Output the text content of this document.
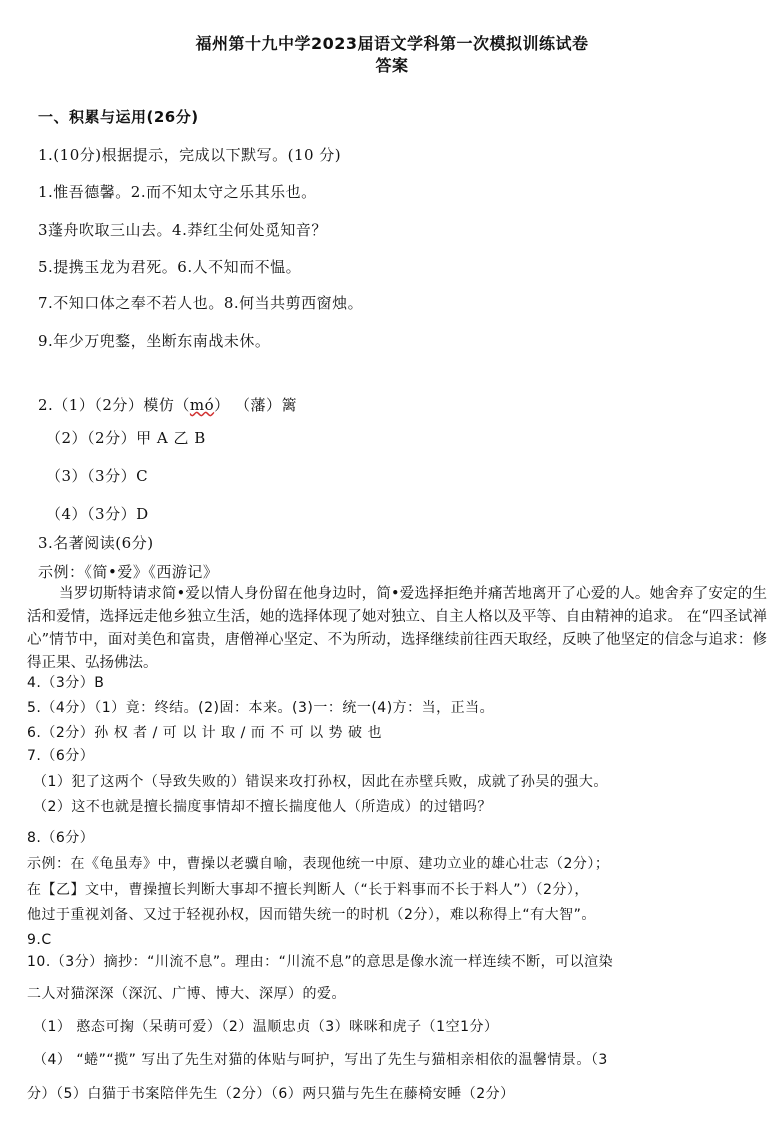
福州第十九中学2023届语文学科第一次模拟训练试卷
答案
一、积累与运用(26分)
1.(10分)根据提示，完成以下默写。(10 分)
1.惟吾德馨。2.而不知太守之乐其乐也。
3蓬舟吹取三山去。4.莽红尘何处觅知音？
5.提携玉龙为君死。6.人不知而不愠。
7.不知口体之奉不若人也。8.何当共剪西窗烛。
9.年少万兜鍪，坐断东南战未休。
2.（1）（2分）模仿（mó） （藩）篱
（2）（2分）甲 A 乙 B
（3）（3分）C
（4）（3分）D
3.名著阅读(6分)
示例：《简•爱》《西游记》
当罗切斯特请求简•爱以情人身份留在他身边时，简•爱选择拒绝并痛苦地离开了心爱的人。她舍弃了安定的生活和爱情，选择远走他乡独立生活，她的选择体现了她对独立、自主人格以及平等、自由精神的追求。 在“四圣试禅心”情节中，面对美色和富贵，唐僧禅心坚定、不为所动，选择继续前往西天取经，反映了他坚定的信念与追求：修得正果、弘扬佛法。
4.（3分）B
5.（4分）（1）竟：终结。(2)固：本来。(3)一：统一(4)方：当，正当。
6.（2分）孙 权 者 / 可 以 计 取 / 而 不 可 以 势 破 也
7.（6分）
（1）犯了这两个（导致失败的）错误来攻打孙权，因此在赤壁兵败，成就了孙吴的强大。
（2）这不也就是擅长揣度事情却不擅长揣度他人（所造成）的过错吗？
8.（6分）
示例：在《龟虽寿》中，曹操以老骥自喻，表现他统一中原、建功立业的雄心壮志（2分）；
在【乙】文中，曹操擅长判断大事却不擅长判断人（“长于料事而不长于料人”）（2分），
他过于重视刘备、又过于轻视孙权，因而错失统一的时机（2分），难以称得上“有大智”。
9.C
10.（3分）摘抄：“川流不息”。理由：“川流不息”的意思是像水流一样连续不断，可以渲染
二人对猫深深（深沉、广博、博大、深厚）的爱。
（1） 憨态可掬（呆萌可爱）（2）温顺忠贞（3）咪咪和虎子（1空1分）
（4） “蜷”“揽” 写出了先生对猫的体贴与呵护，写出了先生与猫相亲相依的温馨情景。（3
分）（5）白猫于书案陪伴先生（2分）（6）两只猫与先生在藤椅安睡（2分）
